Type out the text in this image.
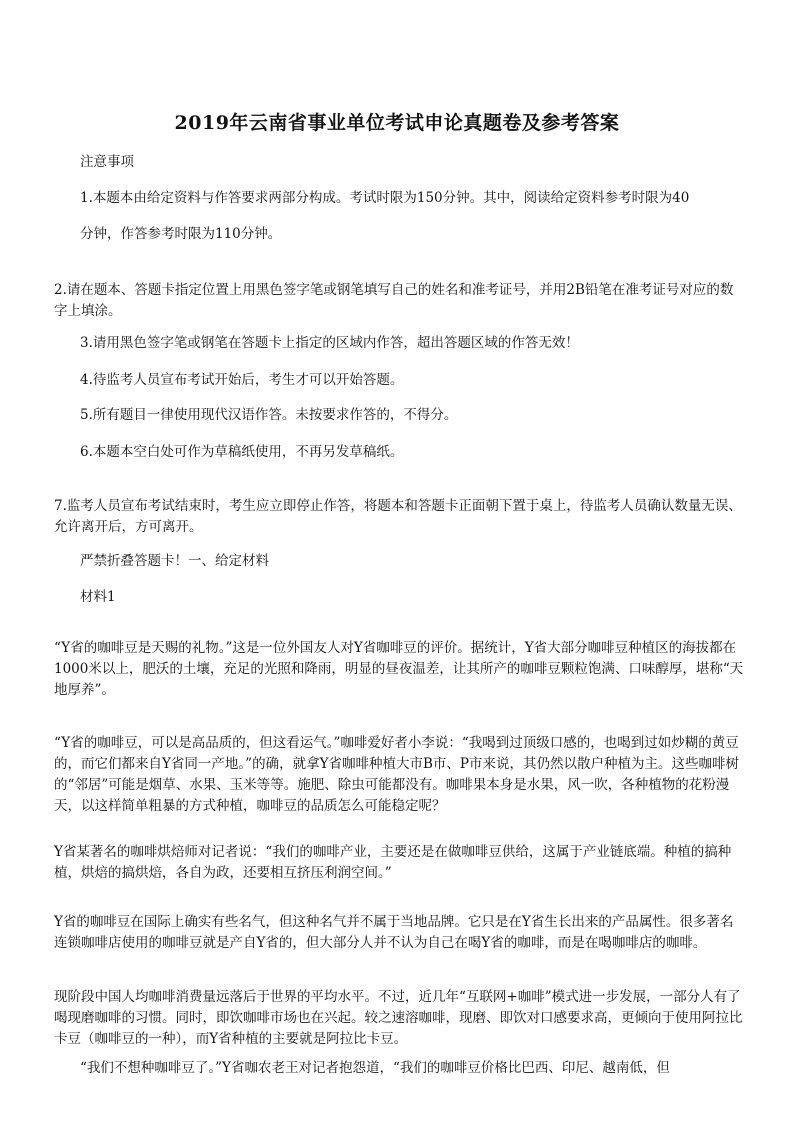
2019年云南省事业单位考试申论真题卷及参考答案

注意事项

1.本题本由给定资料与作答要求两部分构成。考试时限为150分钟。其中，阅读给定资料参考时限为40

分钟，作答参考时限为110分钟。

2.请在题本、答题卡指定位置上用黑色签字笔或钢笔填写自己的姓名和准考证号，并用2B铅笔在准考证号对应的数字上填涂。

3.请用黑色签字笔或钢笔在答题卡上指定的区域内作答，超出答题区域的作答无效！

4.待监考人员宣布考试开始后，考生才可以开始答题。

5.所有题目一律使用现代汉语作答。未按要求作答的，不得分。

6.本题本空白处可作为草稿纸使用，不再另发草稿纸。

7.监考人员宣布考试结束时，考生应立即停止作答，将题本和答题卡正面朝下置于桌上，待监考人员确认数量无误、允许离开后，方可离开。

严禁折叠答题卡！一、给定材料

材料1

“Y省的咖啡豆是天赐的礼物。”这是一位外国友人对Y省咖啡豆的评价。据统计，Y省大部分咖啡豆种植区的海拔都在1000米以上，肥沃的土壤，充足的光照和降雨，明显的昼夜温差，让其所产的咖啡豆颗粒饱满、口味醇厚，堪称“天地厚养”。

“Y省的咖啡豆，可以是高品质的，但这看运气。”咖啡爱好者小李说：“我喝到过顶级口感的，也喝到过如炒糊的黄豆的，而它们都来自Y省同一产地。”的确，就拿Y省咖啡种植大市B市、P市来说，其仍然以散户种植为主。这些咖啡树的“邻居”可能是烟草、水果、玉米等等。施肥、除虫可能都没有。咖啡果本身是水果，风一吹，各种植物的花粉漫天，以这样简单粗暴的方式种植，咖啡豆的品质怎么可能稳定呢？

Y省某著名的咖啡烘焙师对记者说：“我们的咖啡产业，主要还是在做咖啡豆供给，这属于产业链底端。种植的搞种植，烘焙的搞烘焙，各自为政，还要相互挤压利润空间。”

Y省的咖啡豆在国际上确实有些名气，但这种名气并不属于当地品牌。它只是在Y省生长出来的产品属性。很多著名连锁咖啡店使用的咖啡豆就是产自Y省的，但大部分人并不认为自己在喝Y省的咖啡，而是在喝咖啡店的咖啡。

现阶段中国人均咖啡消费量远落后于世界的平均水平。不过，近几年“互联网+咖啡”模式进一步发展，一部分人有了喝现磨咖啡的习惯。同时，即饮咖啡市场也在兴起。较之速溶咖啡，现磨、即饮对口感要求高，更倾向于使用阿拉比卡豆（咖啡豆的一种），而Y省种植的主要就是阿拉比卡豆。

“我们不想种咖啡豆了。”Y省咖农老王对记者抱怨道，“我们的咖啡豆价格比巴西、印尼、越南低，但
